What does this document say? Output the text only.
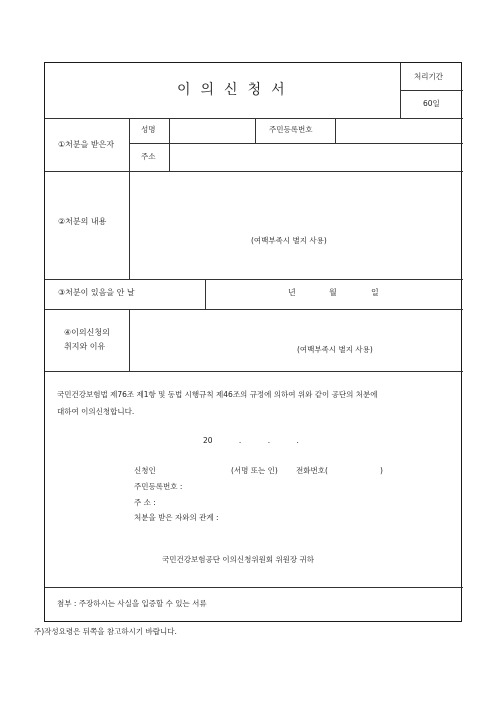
이의신청서
처리기간
60일
①처분을 받은자
성명	주민등록번호
주소
②처분의 내용
(여백부족시 별지 사용)
③처분이 있음을 안 날	년	월	일
④이의신청의
취지와 이유	(여백부족시 별지 사용)
국민건강보험법 제76조 제1항 및 동법 시행규칙 제46조의 규정에 의하여 위와 같이 공단의 처분에
대하여 이의신청합니다.
20 . . .
신청인	(서명 또는 인) 전화번호(	)
주민등록번호 :
주 소 :
처분을 받은 자와의 관계 :
국민건강보험공단 이의신청위원회 위원장 귀하
첨부 : 주장하시는 사실을 입증할 수 있는 서류
주)작성요령은 뒤쪽을 참고하시기 바랍니다.
